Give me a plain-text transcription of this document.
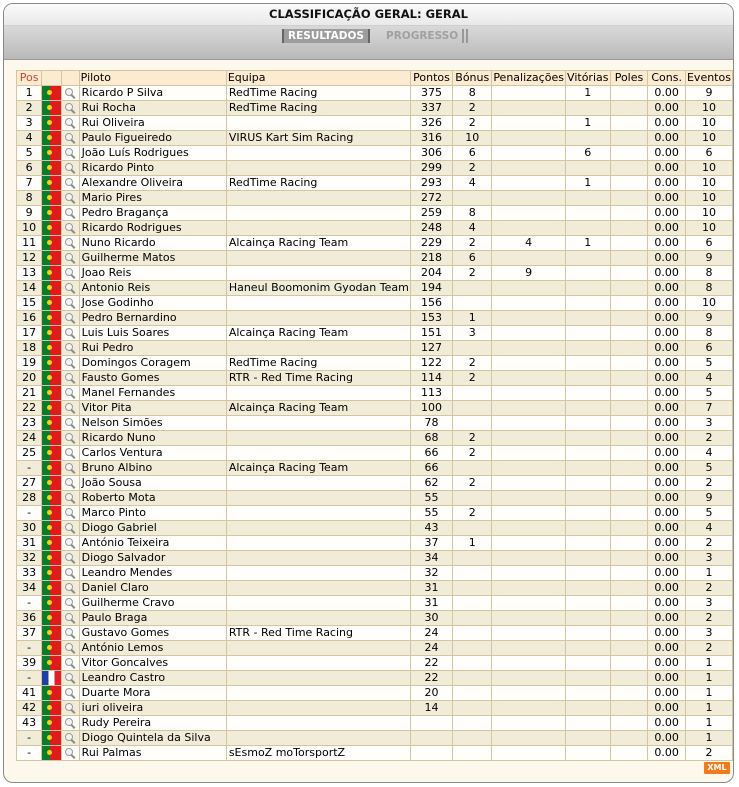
CLASSIFICAÇÃO GERAL: GERAL
RESULTADOS	PROGRESSO
Pos			Piloto	Equipa	Pontos	Bónus	Penalizações	Vitórias	Poles	Cons.	Eventos
1			Ricardo P Silva	RedTime Racing	375	8		1		0.00	9
2			Rui Rocha	RedTime Racing	337	2				0.00	10
3			Rui Oliveira		326	2		1		0.00	10
4			Paulo Figueiredo	VIRUS Kart Sim Racing	316	10				0.00	10
5			João Luís Rodrigues		306	6		6		0.00	6
6			Ricardo Pinto		299	2				0.00	10
7			Alexandre Oliveira	RedTime Racing	293	4		1		0.00	10
8			Mario Pires		272					0.00	10
9			Pedro Bragança		259	8				0.00	10
10			Ricardo Rodrigues		248	4				0.00	10
11			Nuno Ricardo	Alcainça Racing Team	229	2	4	1		0.00	6
12			Guilherme Matos		218	6				0.00	9
13			Joao Reis		204	2	9			0.00	8
14			Antonio Reis	Haneul Boomonim Gyodan Team	194					0.00	8
15			Jose Godinho		156					0.00	10
16			Pedro Bernardino		153	1				0.00	9
17			Luis Luis Soares	Alcainça Racing Team	151	3				0.00	8
18			Rui Pedro		127					0.00	6
19			Domingos Coragem	RedTime Racing	122	2				0.00	5
20			Fausto Gomes	RTR - Red Time Racing	114	2				0.00	4
21			Manel Fernandes		113					0.00	5
22			Vitor Pita	Alcainça Racing Team	100					0.00	7
23			Nelson Simões		78					0.00	3
24			Ricardo Nuno		68	2				0.00	2
25			Carlos Ventura		66	2				0.00	4
-			Bruno Albino	Alcainça Racing Team	66					0.00	5
27			João Sousa		62	2				0.00	2
28			Roberto Mota		55					0.00	9
-			Marco Pinto		55	2				0.00	5
30			Diogo Gabriel		43					0.00	4
31			António Teixeira		37	1				0.00	2
32			Diogo Salvador		34					0.00	3
33			Leandro Mendes		32					0.00	1
34			Daniel Claro		31					0.00	2
-			Guilherme Cravo		31					0.00	3
36			Paulo Braga		30					0.00	2
37			Gustavo Gomes	RTR - Red Time Racing	24					0.00	3
-			António Lemos		24					0.00	2
39			Vitor Goncalves		22					0.00	1
-			Leandro Castro		22					0.00	1
41			Duarte Mora		20					0.00	1
42			iuri oliveira		14					0.00	1
43			Rudy Pereira							0.00	1
-			Diogo Quintela da Silva							0.00	1
-			Rui Palmas	sEsmoZ moTorsportZ						0.00	2
XML
